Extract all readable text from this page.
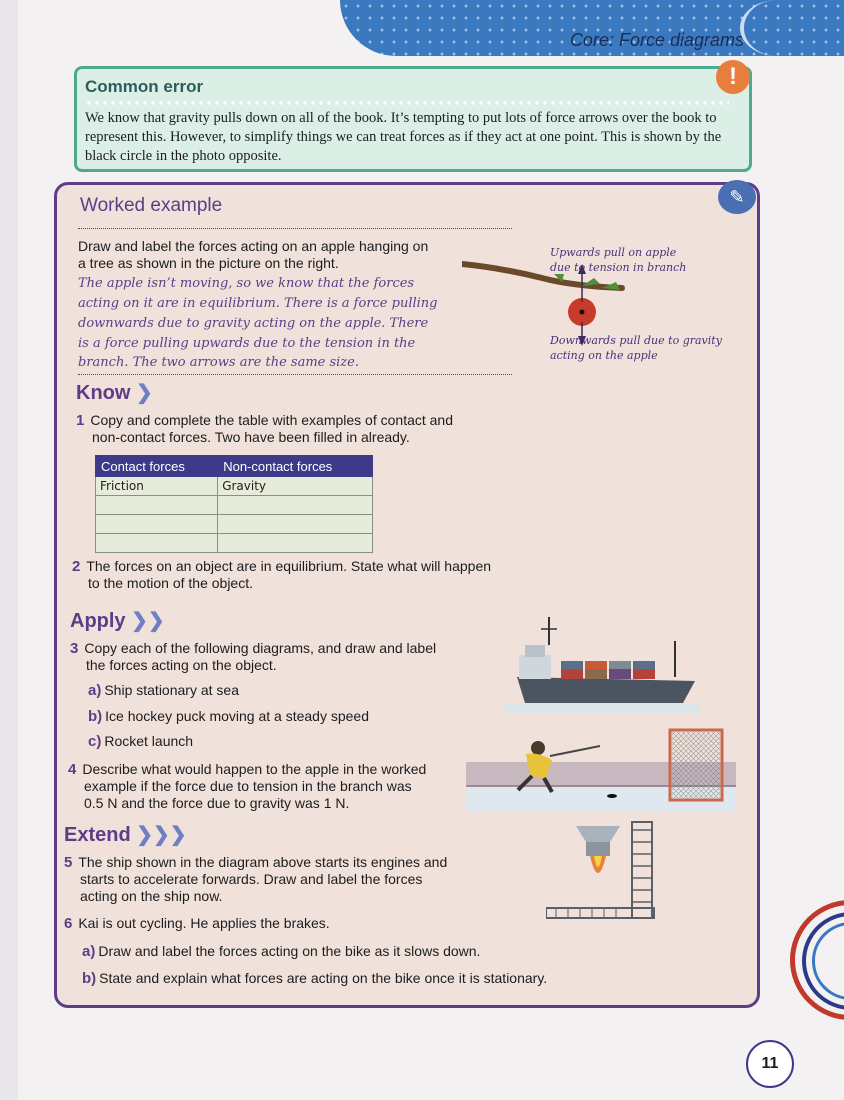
Core: Force diagrams
Common error

We know that gravity pulls down on all of the book. It’s tempting to put lots of force arrows over the book to represent this. However, to simplify things we can treat forces as if they act at one point. This is shown by the black circle in the photo opposite.

!
✎
Worked example

Draw and label the forces acting on an apple hanging on

a tree as shown in the picture on the right.

The apple isn’t moving, so we know that the forces

acting on it are in equilibrium. There is a force pulling

downwards due to gravity acting on the apple. There

is a force pulling upwards due to the tension in the

branch. The two arrows are the same size.

Upwards pull on apple
due to tension in branch
Downwards pull due to gravity
acting on the apple
Know ❯

1 Copy and complete the table with examples of contact and
non-contact forces. Two have been filled in already.

Contact forces	Non-contact forces
Friction	Gravity

2 The forces on an object are in equilibrium. State what will happen
to the motion of the object.

Apply ❯❯

3 Copy each of the following diagrams, and draw and label
the forces acting on the object.

a) Ship stationary at sea

b) Ice hockey puck moving at a steady speed

c) Rocket launch

4 Describe what would happen to the apple in the worked
example if the force due to tension in the branch was
0.5 N and the force due to gravity was 1 N.

Extend ❯❯❯

5 The ship shown in the diagram above starts its engines and
starts to accelerate forwards. Draw and label the forces
acting on the ship now.

6 Kai is out cycling. He applies the brakes.

a) Draw and label the forces acting on the bike as it slows down.

b) State and explain what forces are acting on the bike once it is stationary.

11
